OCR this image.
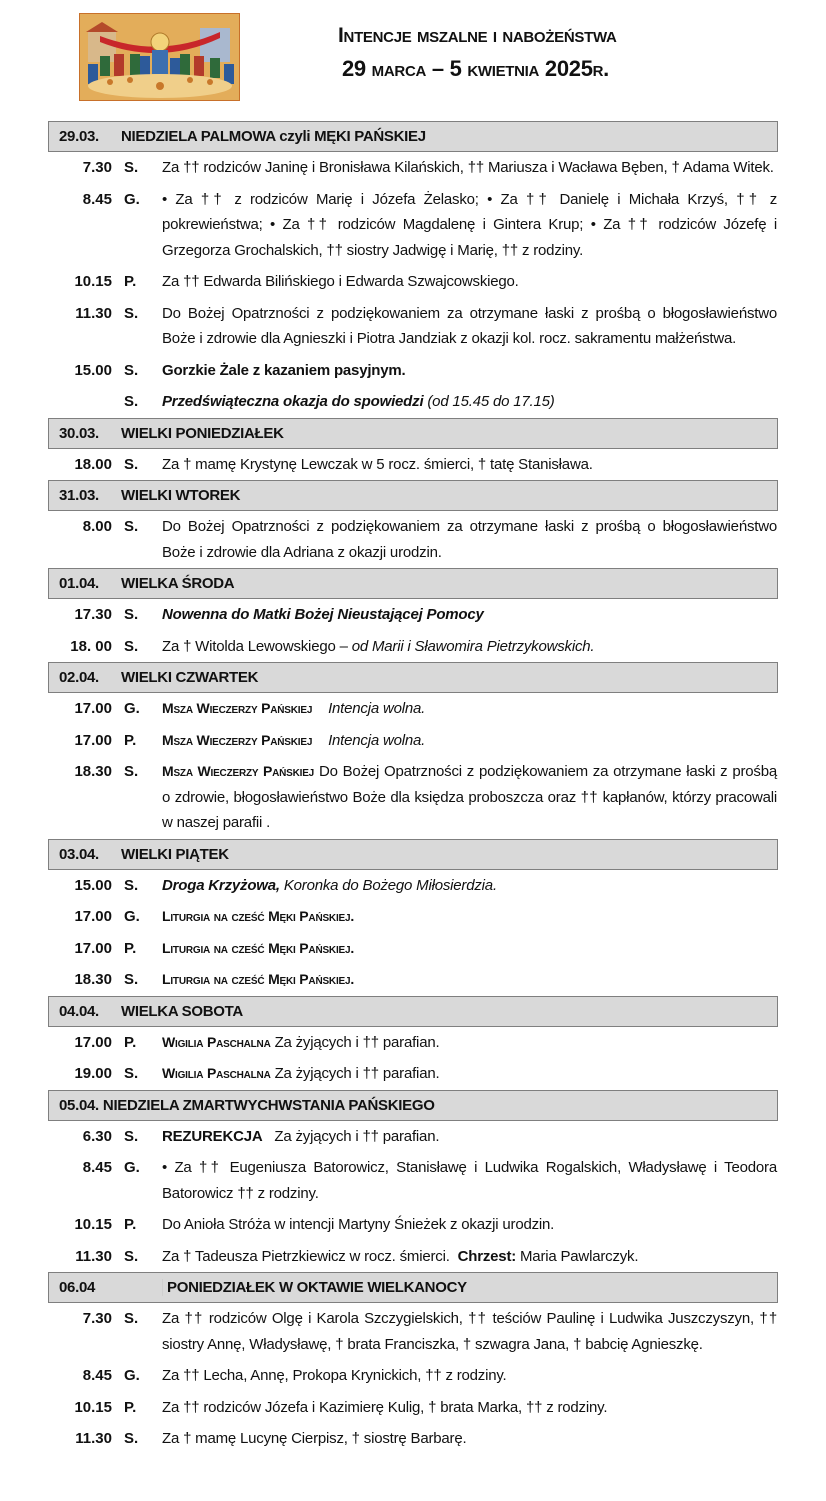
Intencje mszalne i nabożeństwa
29 marca – 5 kwietnia 2025r.
29.03.	NIEDZIELA PALMOWA czyli MĘKI PAŃSKIEJ
7.30 S.	Za †† rodziców Janinę i Bronisława Kilańskich, †† Mariusza i Wacława Bęben, † Adama Witek.
8.45 G.	• Za †† z rodziców Marię i Józefa Żelasko; • Za †† Danielę i Michała Krzyś, †† z pokrewieństwa; • Za †† rodziców Magdalenę i Gintera Krup; • Za †† rodziców Józefę i Grzegorza Grochalskich, †† siostry Jadwigę i Marię, †† z rodziny.
10.15 P.	Za †† Edwarda Bilińskiego i Edwarda Szwajcowskiego.
11.30 S.	Do Bożej Opatrzności z podziękowaniem za otrzymane łaski z prośbą o błogosławieństwo Boże i zdrowie dla Agnieszki i Piotra Jandziak z okazji kol. rocz. sakramentu małżeństwa.
15.00 S.	Gorzkie Żale z kazaniem pasyjnym.
S.	Przedświąteczna okazja do spowiedzi (od 15.45 do 17.15)
30.03.	WIELKI PONIEDZIAŁEK
18.00 S.	Za † mamę Krystynę Lewczak w 5 rocz. śmierci, † tatę Stanisława.
31.03.	WIELKI WTOREK
8.00 S.	Do Bożej Opatrzności z podziękowaniem za otrzymane łaski z prośbą o błogosławieństwo Boże i zdrowie dla Adriana z okazji urodzin.
01.04.	WIELKA ŚRODA
17.30 S.	Nowenna do Matki Bożej Nieustającej Pomocy
18. 00 S.	Za † Witolda Lewowskiego – od Marii i Sławomira Pietrzykowskich.
02.04.	WIELKI CZWARTEK
17.00 G.	Msza Wieczerzy Pańskiej Intencja wolna.
17.00 P.	Msza Wieczerzy Pańskiej Intencja wolna.
18.30 S.	Msza Wieczerzy Pańskiej Do Bożej Opatrzności z podziękowaniem za otrzymane łaski z prośbą o zdrowie, błogosławieństwo Boże dla księdza proboszcza oraz †† kapłanów, którzy pracowali w naszej parafii .
03.04.	WIELKI PIĄTEK
15.00 S.	Droga Krzyżowa, Koronka do Bożego Miłosierdzia.
17.00 G.	Liturgia na cześć Męki Pańskiej.
17.00 P.	Liturgia na cześć Męki Pańskiej.
18.30 S.	Liturgia na cześć Męki Pańskiej.
04.04.	WIELKA SOBOTA
17.00 P.	Wigilia Paschalna Za żyjących i †† parafian.
19.00 S.	Wigilia Paschalna Za żyjących i †† parafian.
05.04. NIEDZIELA ZMARTWYCHWSTANIA PAŃSKIEGO
6.30 S.	REZUREKCJA Za żyjących i †† parafian.
8.45 G.	• Za †† Eugeniusza Batorowicz, Stanisławę i Ludwika Rogalskich, Władysławę i Teodora Batorowicz †† z rodziny.
10.15 P.	Do Anioła Stróża w intencji Martyny Śnieżek z okazji urodzin.
11.30 S.	Za † Tadeusza Pietrzkiewicz w rocz. śmierci. Chrzest: Maria Pawlarczyk.
06.04	PONIEDZIAŁEK W OKTAWIE WIELKANOCY
7.30 S.	Za †† rodziców Olgę i Karola Szczygielskich, †† teściów Paulinę i Ludwika Juszczyszyn, †† siostry Annę, Władysławę, † brata Franciszka, † szwagra Jana, † babcię Agnieszkę.
8.45 G.	Za †† Lecha, Annę, Prokopa Krynickich, †† z rodziny.
10.15 P.	Za †† rodziców Józefa i Kazimierę Kulig, † brata Marka, †† z rodziny.
11.30 S.	Za † mamę Lucynę Cierpisz, † siostrę Barbarę.
